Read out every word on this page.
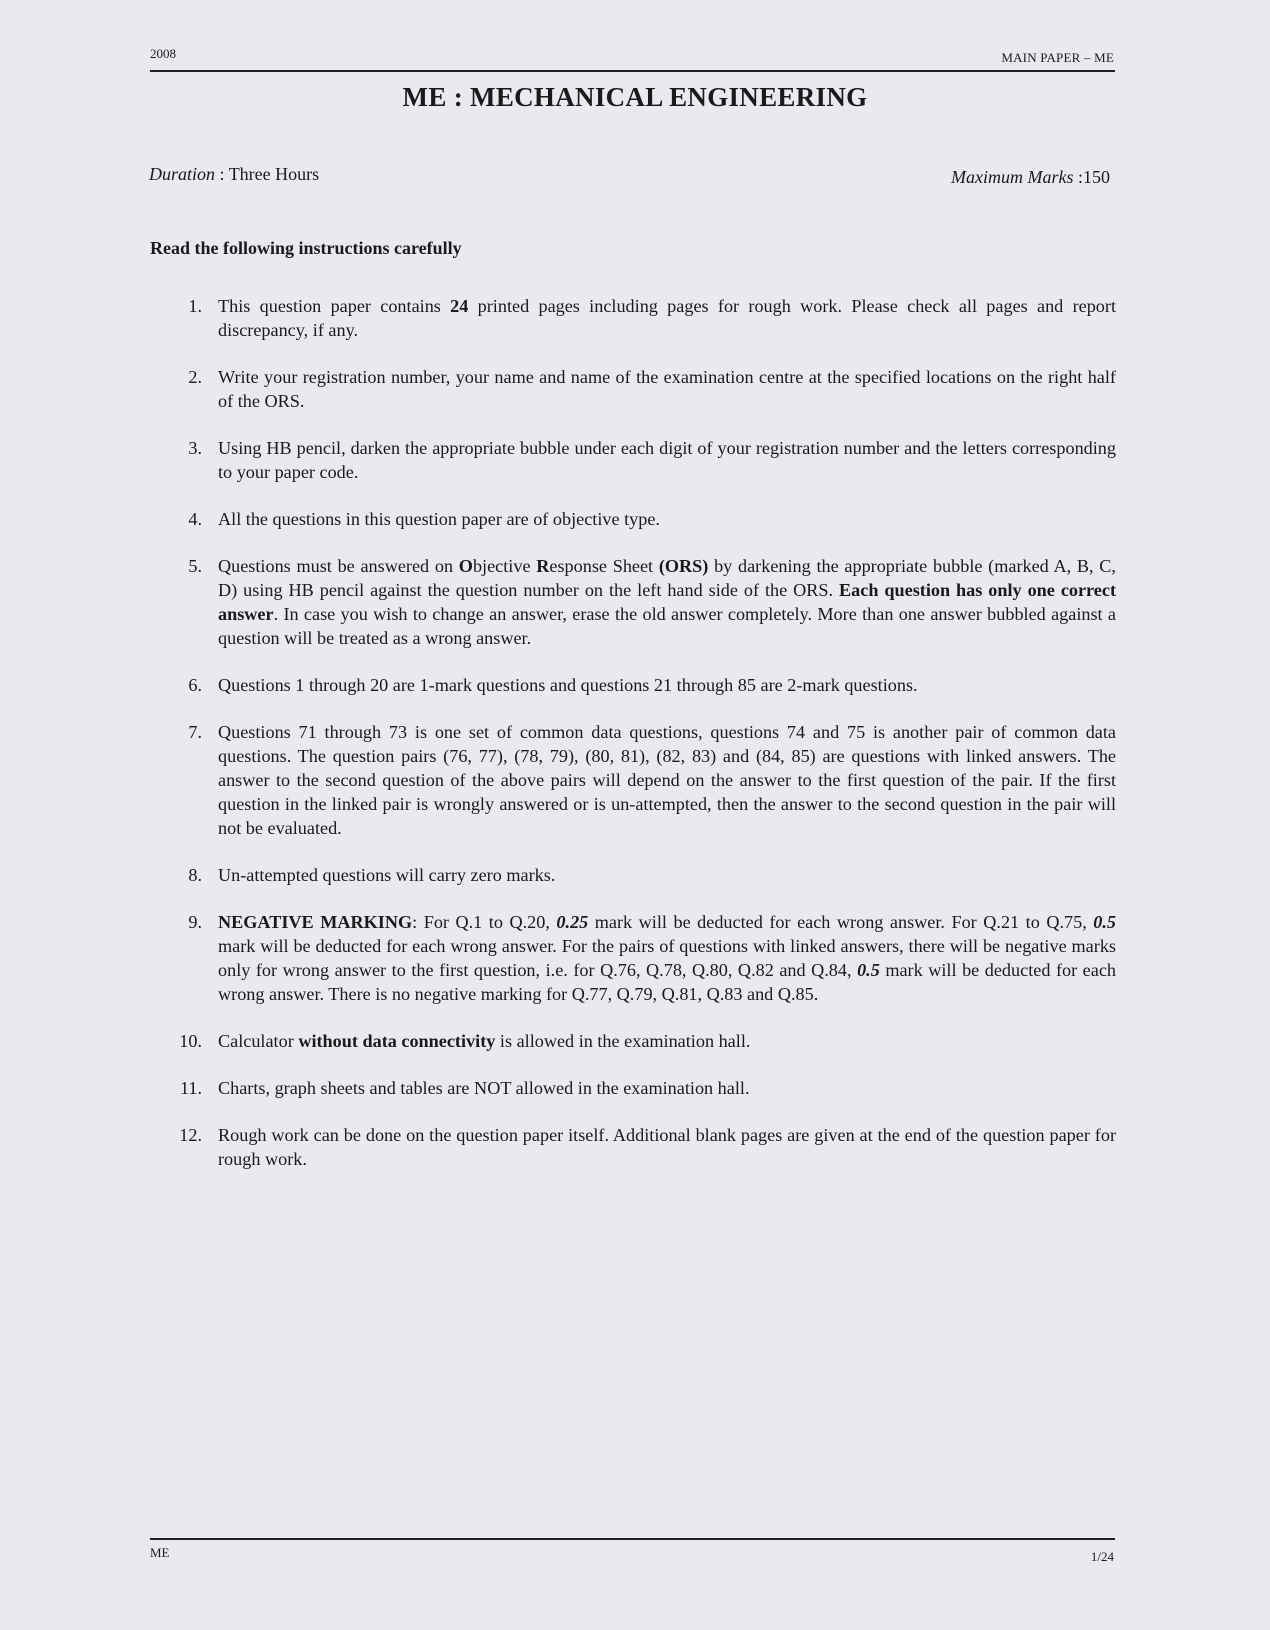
2008	MAIN PAPER – ME
ME : MECHANICAL ENGINEERING
Duration : Three Hours	Maximum Marks :150
Read the following instructions carefully
1. This question paper contains 24 printed pages including pages for rough work. Please check all pages and report discrepancy, if any.
2. Write your registration number, your name and name of the examination centre at the specified locations on the right half of the ORS.
3. Using HB pencil, darken the appropriate bubble under each digit of your registration number and the letters corresponding to your paper code.
4. All the questions in this question paper are of objective type.
5. Questions must be answered on Objective Response Sheet (ORS) by darkening the appropriate bubble (marked A, B, C, D) using HB pencil against the question number on the left hand side of the ORS. Each question has only one correct answer. In case you wish to change an answer, erase the old answer completely. More than one answer bubbled against a question will be treated as a wrong answer.
6. Questions 1 through 20 are 1-mark questions and questions 21 through 85 are 2-mark questions.
7. Questions 71 through 73 is one set of common data questions, questions 74 and 75 is another pair of common data questions. The question pairs (76, 77), (78, 79), (80, 81), (82, 83) and (84, 85) are questions with linked answers. The answer to the second question of the above pairs will depend on the answer to the first question of the pair. If the first question in the linked pair is wrongly answered or is un-attempted, then the answer to the second question in the pair will not be evaluated.
8. Un-attempted questions will carry zero marks.
9. NEGATIVE MARKING: For Q.1 to Q.20, 0.25 mark will be deducted for each wrong answer. For Q.21 to Q.75, 0.5 mark will be deducted for each wrong answer. For the pairs of questions with linked answers, there will be negative marks only for wrong answer to the first question, i.e. for Q.76, Q.78, Q.80, Q.82 and Q.84, 0.5 mark will be deducted for each wrong answer. There is no negative marking for Q.77, Q.79, Q.81, Q.83 and Q.85.
10. Calculator without data connectivity is allowed in the examination hall.
11. Charts, graph sheets and tables are NOT allowed in the examination hall.
12. Rough work can be done on the question paper itself. Additional blank pages are given at the end of the question paper for rough work.
ME	1/24
